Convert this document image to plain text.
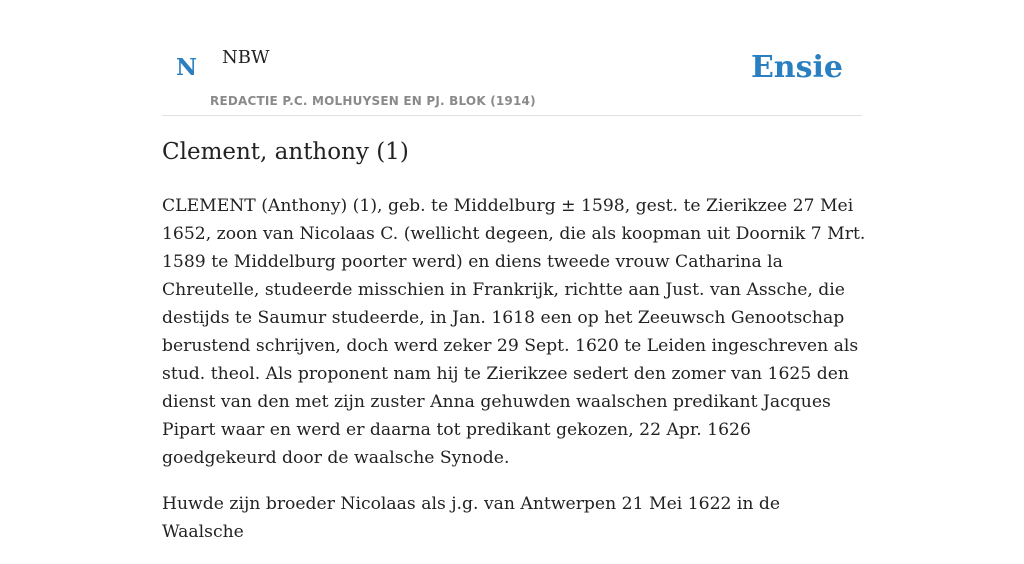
N NBW
REDACTIE P.C. MOLHUYSEN EN PJ. BLOK (1914)
Ensie
Clement, anthony (1)

CLEMENT (Anthony) (1), geb. te Middelburg ± 1598, gest. te Zierikzee 27 Mei 1652, zoon van Nicolaas C. (wellicht degeen, die als koopman uit Doornik 7 Mrt. 1589 te Middelburg poorter werd) en diens tweede vrouw Catharina la Chreutelle, studeerde misschien in Frankrijk, richtte aan Just. van Assche, die destijds te Saumur studeerde, in Jan. 1618 een op het Zeeuwsch Genootschap berustend schrijven, doch werd zeker 29 Sept. 1620 te Leiden ingeschreven als stud. theol. Als proponent nam hij te Zierikzee sedert den zomer van 1625 den dienst van den met zijn zuster Anna gehuwden waalschen predikant Jacques Pipart waar en werd er daarna tot predikant gekozen, 22 Apr. 1626 goedgekeurd door de waalsche Synode.

Huwde zijn broeder Nicolaas als j.g. van Antwerpen 21 Mei 1622 in de Waalsche
